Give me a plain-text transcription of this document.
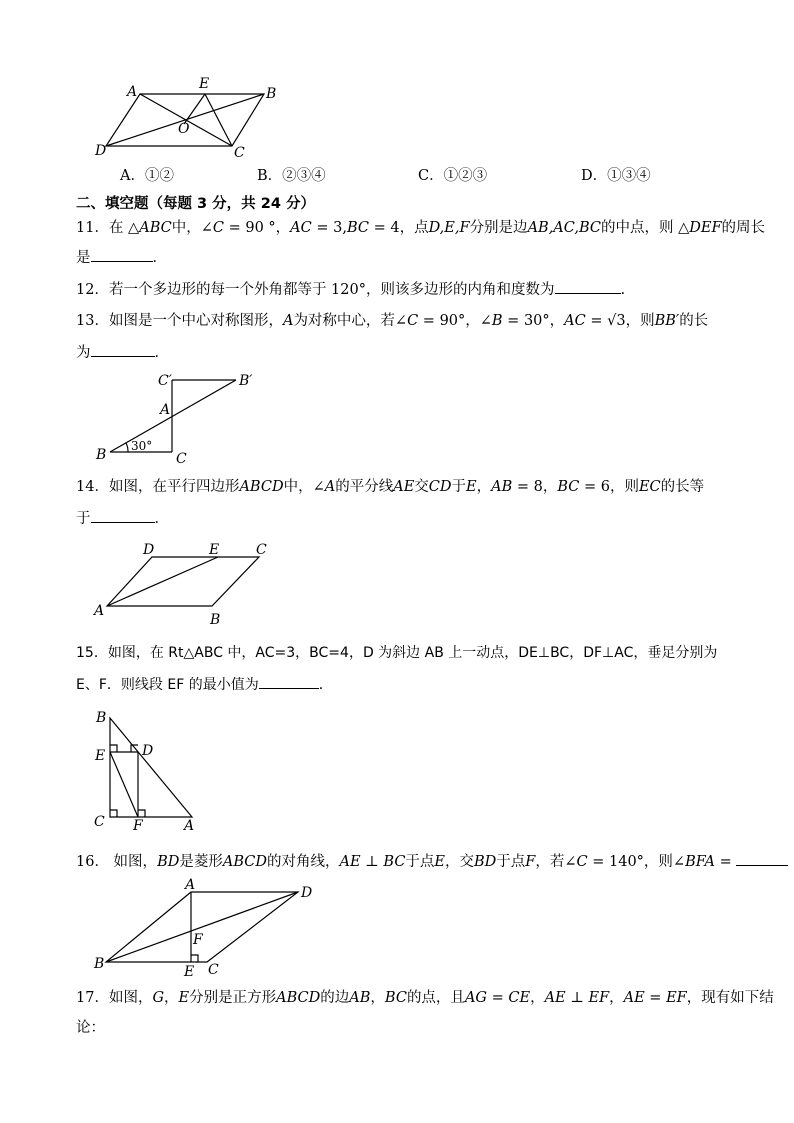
A	E
B
D
O
C
A．①②	B．②③④	C．①②③	D．①③④
二、填空题（每题 3 分，共 24 分）
11．在 △ABC中，∠C = 90 °，AC = 3,BC = 4，点D,E,F分别是边AB,AC,BC的中点，则 △DEF的周长
是	．
12．若一个多边形的每一个外角都等于 120°，则该多边形的内角和度数为	.
13．如图是一个中心对称图形，A为对称中心，若∠C = 90°，∠B = 30°，AC = √3，则BB′的长
为	．
C′	B′
A
B	C
30°
14．如图，在平行四边形ABCD中，∠A的平分线AE交CD于E，AB = 8，BC = 6，则EC的长等
于	．
D	E	C
A
B
15．如图，在 Rt△ABC 中，AC=3，BC=4，D 为斜边 AB 上一动点，DE⊥BC，DF⊥AC，垂足分别为
E、F．则线段 EF 的最小值为	．
B
E	D
C F	A
16． 如图，BD是菱形ABCD的对角线，AE ⊥ BC于点E，交BD于点F，若∠C = 140°，则∠BFA =
A	D
F
B	E C
17．如图，G，E分别是正方形ABCD的边AB，BC的点，且AG = CE，AE ⊥ EF，AE = EF，现有如下结
论：
